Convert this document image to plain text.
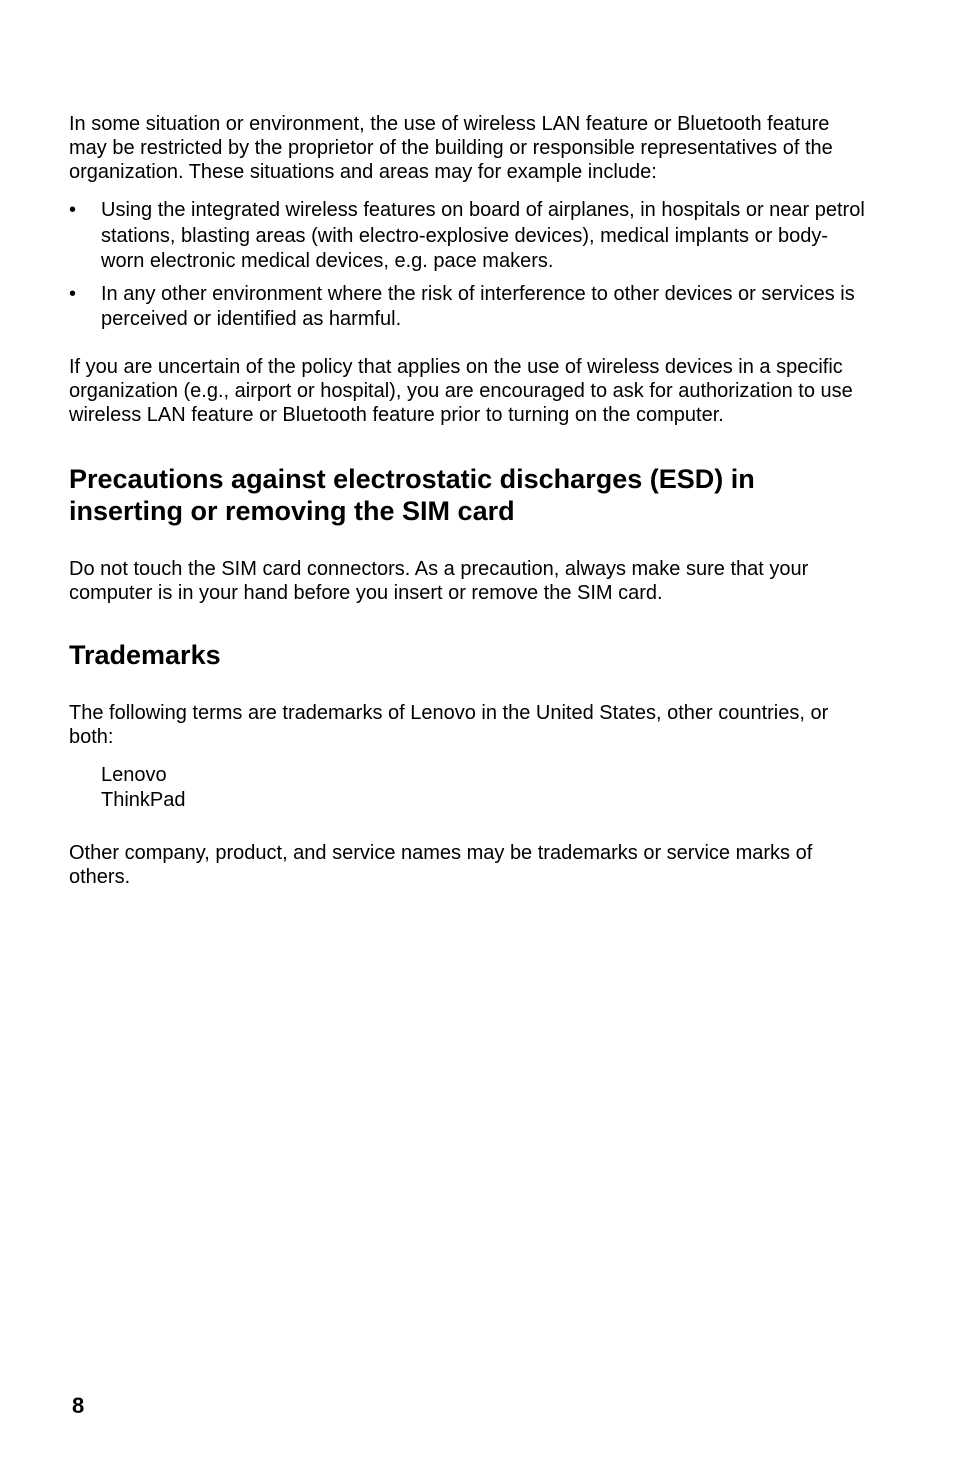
In some situation or environment, the use of wireless LAN feature or Bluetooth feature may be restricted by the proprietor of the building or responsible representatives of the organization. These situations and areas may for example include:

• Using the integrated wireless features on board of airplanes, in hospitals or near petrol stations, blasting areas (with electro-explosive devices), medical implants or body-worn electronic medical devices, e.g. pace makers.
• In any other environment where the risk of interference to other devices or services is perceived or identified as harmful.

If you are uncertain of the policy that applies on the use of wireless devices in a specific organization (e.g., airport or hospital), you are encouraged to ask for authorization to use wireless LAN feature or Bluetooth feature prior to turning on the computer.

Precautions against electrostatic discharges (ESD) in inserting or removing the SIM card

Do not touch the SIM card connectors. As a precaution, always make sure that your computer is in your hand before you insert or remove the SIM card.

Trademarks

The following terms are trademarks of Lenovo in the United States, other countries, or both:

Lenovo
ThinkPad

Other company, product, and service names may be trademarks or service marks of others.

8
